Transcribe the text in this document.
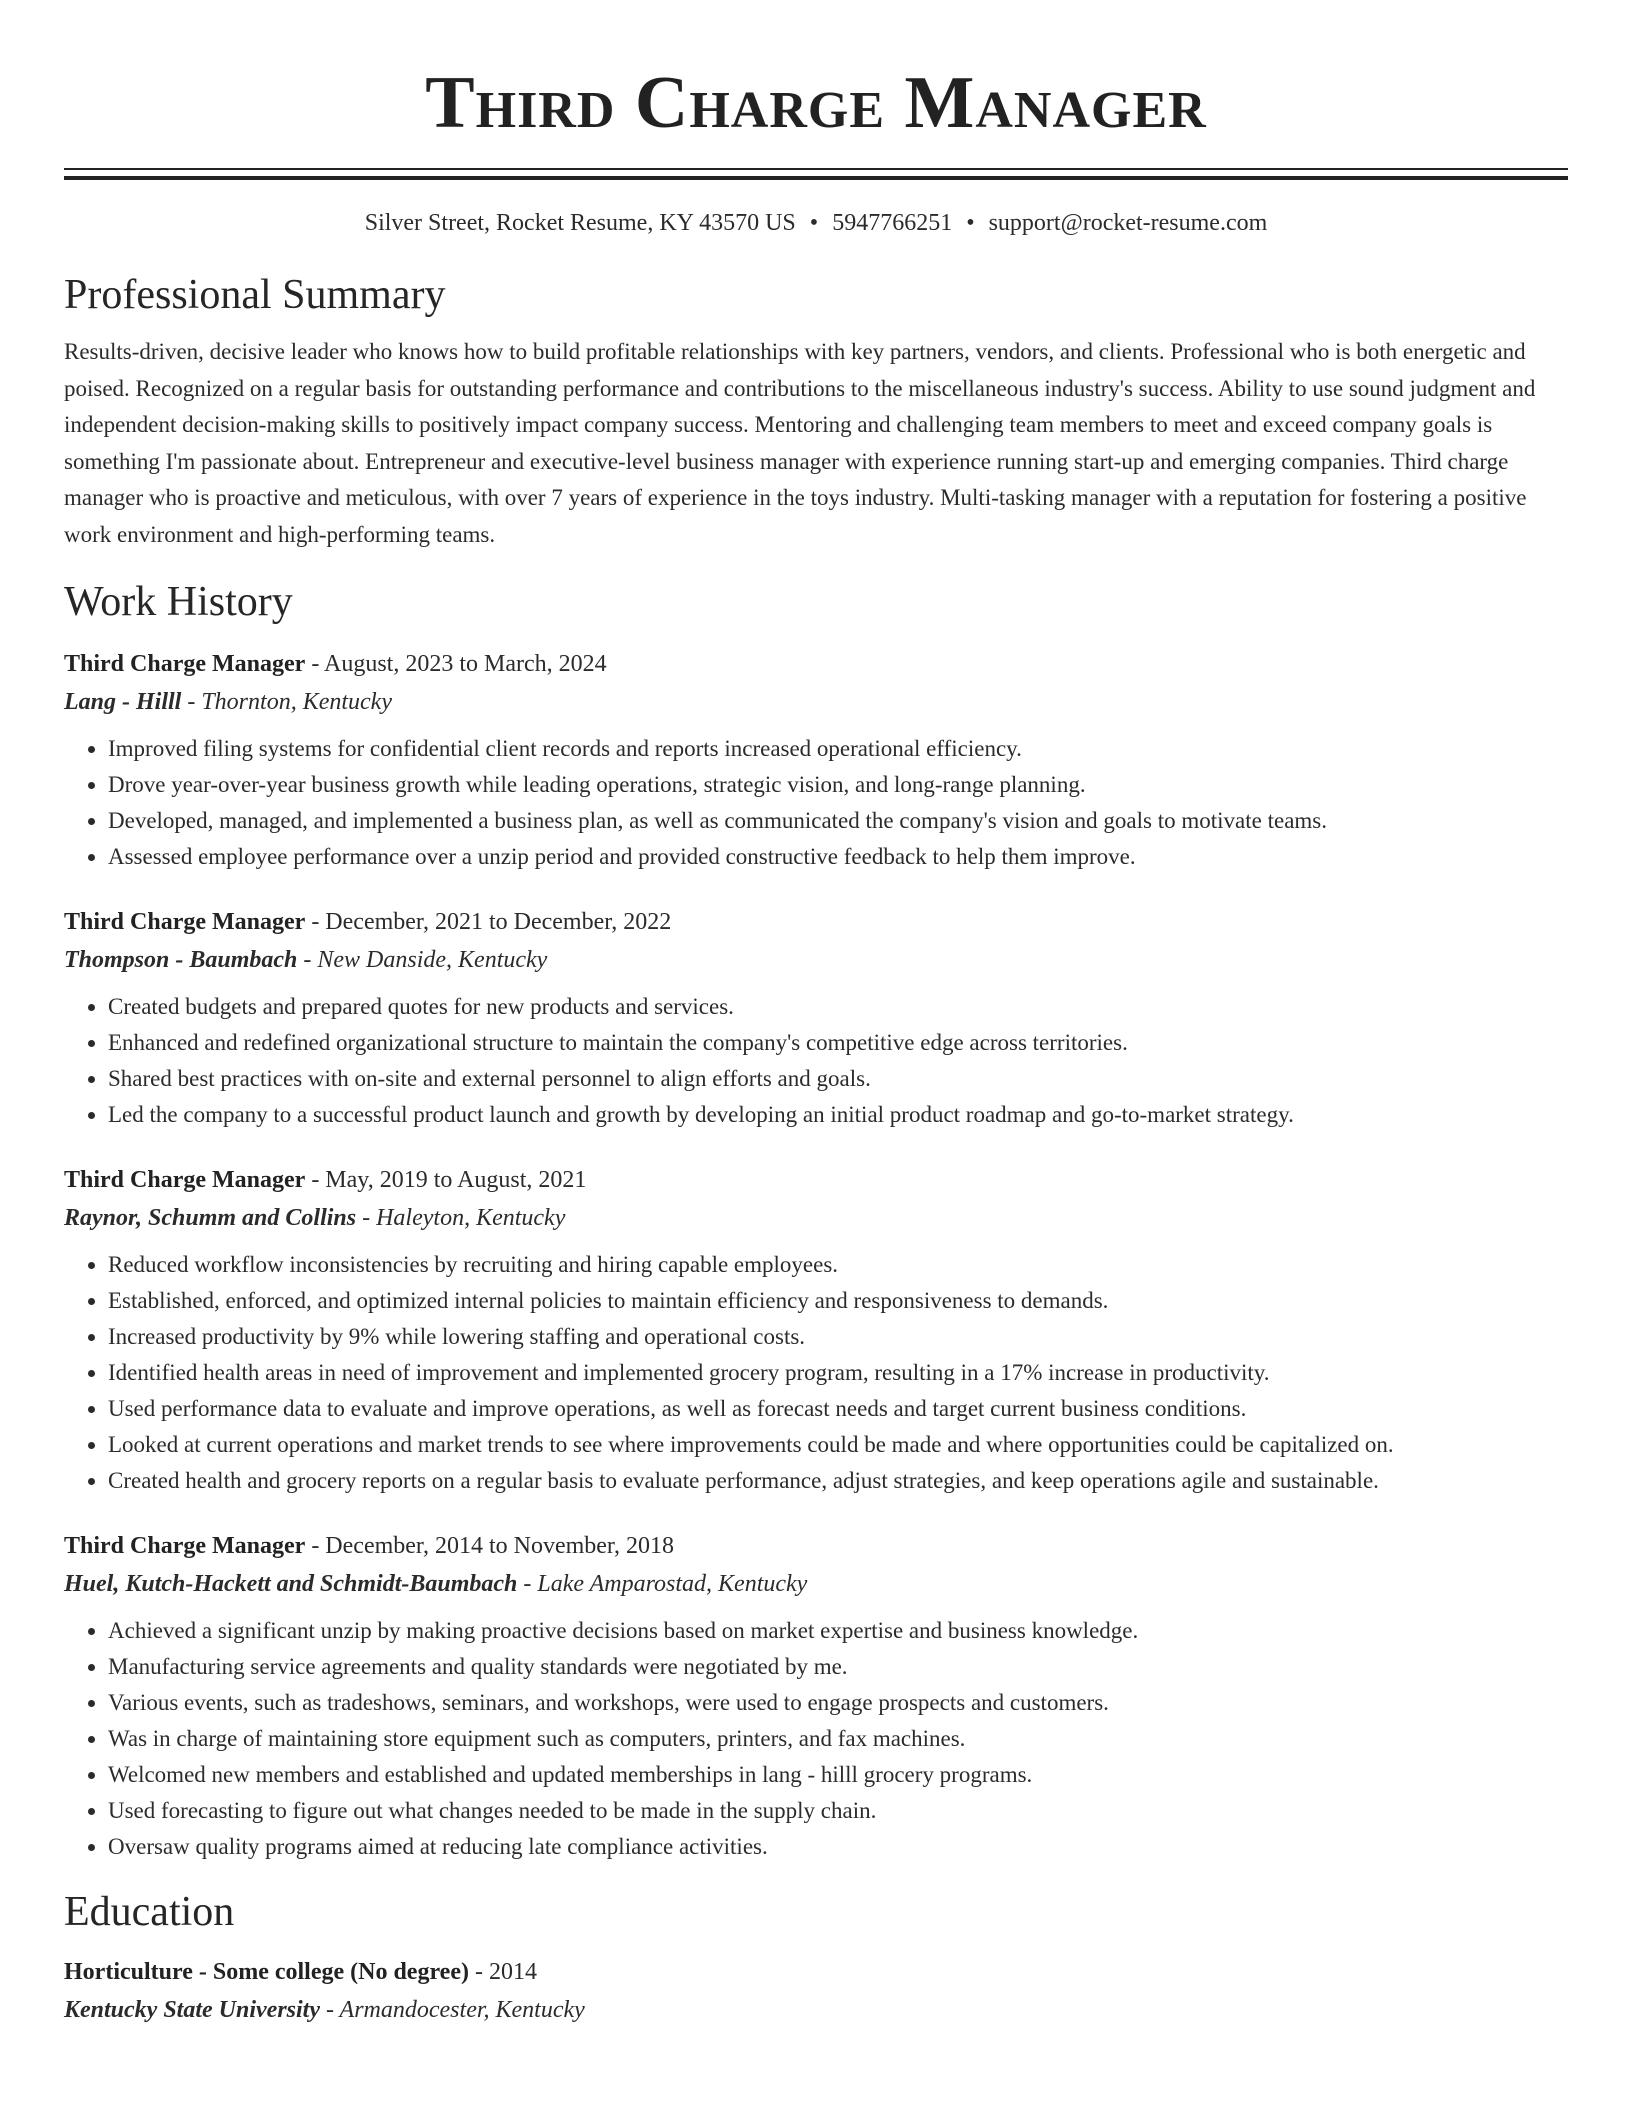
Third Charge Manager
Silver Street, Rocket Resume, KY 43570 US • 5947766251 • support@rocket-resume.com
Professional Summary

Results-driven, decisive leader who knows how to build profitable relationships with key partners, vendors, and clients. Professional who is both energetic and poised. Recognized on a regular basis for outstanding performance and contributions to the miscellaneous industry's success. Ability to use sound judgment and independent decision-making skills to positively impact company success. Mentoring and challenging team members to meet and exceed company goals is something I'm passionate about. Entrepreneur and executive-level business manager with experience running start-up and emerging companies. Third charge manager who is proactive and meticulous, with over 7 years of experience in the toys industry. Multi-tasking manager with a reputation for fostering a positive work environment and high-performing teams.

Work History
Third Charge Manager - August, 2023 to March, 2024
Lang - Hilll - Thornton, Kentucky
• Improved filing systems for confidential client records and reports increased operational efficiency.
• Drove year-over-year business growth while leading operations, strategic vision, and long-range planning.
• Developed, managed, and implemented a business plan, as well as communicated the company's vision and goals to motivate teams.
• Assessed employee performance over a unzip period and provided constructive feedback to help them improve.
Third Charge Manager - December, 2021 to December, 2022
Thompson - Baumbach - New Danside, Kentucky
• Created budgets and prepared quotes for new products and services.
• Enhanced and redefined organizational structure to maintain the company's competitive edge across territories.
• Shared best practices with on-site and external personnel to align efforts and goals.
• Led the company to a successful product launch and growth by developing an initial product roadmap and go-to-market strategy.
Third Charge Manager - May, 2019 to August, 2021
Raynor, Schumm and Collins - Haleyton, Kentucky
• Reduced workflow inconsistencies by recruiting and hiring capable employees.
• Established, enforced, and optimized internal policies to maintain efficiency and responsiveness to demands.
• Increased productivity by 9% while lowering staffing and operational costs.
• Identified health areas in need of improvement and implemented grocery program, resulting in a 17% increase in productivity.
• Used performance data to evaluate and improve operations, as well as forecast needs and target current business conditions.
• Looked at current operations and market trends to see where improvements could be made and where opportunities could be capitalized on.
• Created health and grocery reports on a regular basis to evaluate performance, adjust strategies, and keep operations agile and sustainable.
Third Charge Manager - December, 2014 to November, 2018
Huel, Kutch-Hackett and Schmidt-Baumbach - Lake Amparostad, Kentucky
• Achieved a significant unzip by making proactive decisions based on market expertise and business knowledge.
• Manufacturing service agreements and quality standards were negotiated by me.
• Various events, such as tradeshows, seminars, and workshops, were used to engage prospects and customers.
• Was in charge of maintaining store equipment such as computers, printers, and fax machines.
• Welcomed new members and established and updated memberships in lang - hilll grocery programs.
• Used forecasting to figure out what changes needed to be made in the supply chain.
• Oversaw quality programs aimed at reducing late compliance activities.
Education
Horticulture - Some college (No degree) - 2014
Kentucky State University - Armandocester, Kentucky
